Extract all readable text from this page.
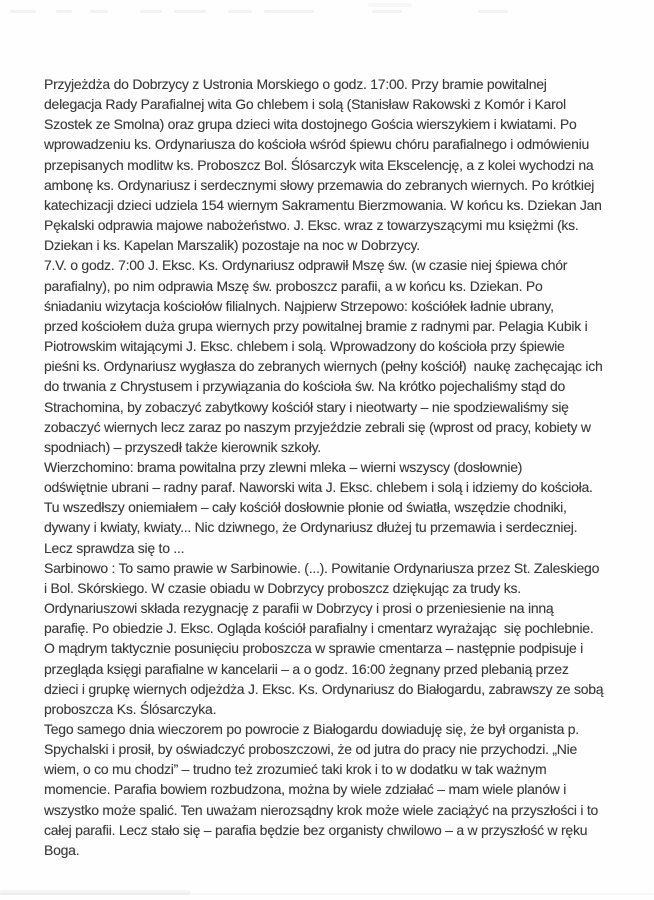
Przyjeżdża do Dobrzycy z Ustronia Morskiego o godz. 17:00. Przy bramie powitalnej
delegacja Rady Parafialnej wita Go chlebem i solą (Stanisław Rakowski z Komór i Karol
Szostek ze Smolna) oraz grupa dzieci wita dostojnego Gościa wierszykiem i kwiatami. Po
wprowadzeniu ks. Ordynariusza do kościoła wśród śpiewu chóru parafialnego i odmówieniu
przepisanych modlitw ks. Proboszcz Bol. Ślósarczyk wita Ekscelencję, a z kolei wychodzi na
ambonę ks. Ordynariusz i serdecznymi słowy przemawia do zebranych wiernych. Po krótkiej
katechizacji dzieci udziela 154 wiernym Sakramentu Bierzmowania. W końcu ks. Dziekan Jan
Pękalski odprawia majowe nabożeństwo. J. Eksc. wraz z towarzyszącymi mu księżmi (ks.
Dziekan i ks. Kapelan Marszalik) pozostaje na noc w Dobrzycy.
7.V. o godz. 7:00 J. Eksc. Ks. Ordynariusz odprawił Mszę św. (w czasie niej śpiewa chór
parafialny), po nim odprawia Mszę św. proboszcz parafii, a w końcu ks. Dziekan. Po
śniadaniu wizytacja kościołów filialnych. Najpierw Strzepowo: kościółek ładnie ubrany,
przed kościołem duża grupa wiernych przy powitalnej bramie z radnymi par. Pelagia Kubik i
Piotrowskim witającymi J. Eksc. chlebem i solą. Wprowadzony do kościoła przy śpiewie
pieśni ks. Ordynariusz wygłasza do zebranych wiernych (pełny kościół)  naukę zachęcając ich
do trwania z Chrystusem i przywiązania do kościoła św. Na krótko pojechaliśmy stąd do
Strachomina, by zobaczyć zabytkowy kościół stary i nieotwarty – nie spodziewaliśmy się
zobaczyć wiernych lecz zaraz po naszym przyjeździe zebrali się (wprost od pracy, kobiety w
spodniach) – przyszedł także kierownik szkoły.
Wierzchomino: brama powitalna przy zlewni mleka – wierni wszyscy (dosłownie)
odświętnie ubrani – radny paraf. Naworski wita J. Eksc. chlebem i solą i idziemy do kościoła.
Tu wszedłszy oniemiałem – cały kościół dosłownie płonie od światła, wszędzie chodniki,
dywany i kwiaty, kwiaty... Nic dziwnego, że Ordynariusz dłużej tu przemawia i serdeczniej.
Lecz sprawdza się to ...
Sarbinowo : To samo prawie w Sarbinowie. (...). Powitanie Ordynariusza przez St. Zaleskiego
i Bol. Skórskiego. W czasie obiadu w Dobrzycy proboszcz dziękując za trudy ks.
Ordynariuszowi składa rezygnację z parafii w Dobrzycy i prosi o przeniesienie na inną
parafię. Po obiedzie J. Eksc. Ogląda kościół parafialny i cmentarz wyrażając  się pochlebnie.
O mądrym taktycznie posunięciu proboszcza w sprawie cmentarza – następnie podpisuje i
przegląda księgi parafialne w kancelarii – a o godz. 16:00 żegnany przed plebanią przez
dzieci i grupkę wiernych odjeżdża J. Eksc. Ks. Ordynariusz do Białogardu, zabrawszy ze sobą
proboszcza Ks. Ślósarczyka.
Tego samego dnia wieczorem po powrocie z Białogardu dowiaduję się, że był organista p.
Spychalski i prosił, by oświadczyć proboszczowi, że od jutra do pracy nie przychodzi. „Nie
wiem, o co mu chodzi” – trudno też zrozumieć taki krok i to w dodatku w tak ważnym
momencie. Parafia bowiem rozbudzona, można by wiele zdziałać – mam wiele planów i
wszystko może spalić. Ten uważam nierozsądny krok może wiele zaciążyć na przyszłości i to
całej parafii. Lecz stało się – parafia będzie bez organisty chwilowo – a w przyszłość w ręku
Boga.
